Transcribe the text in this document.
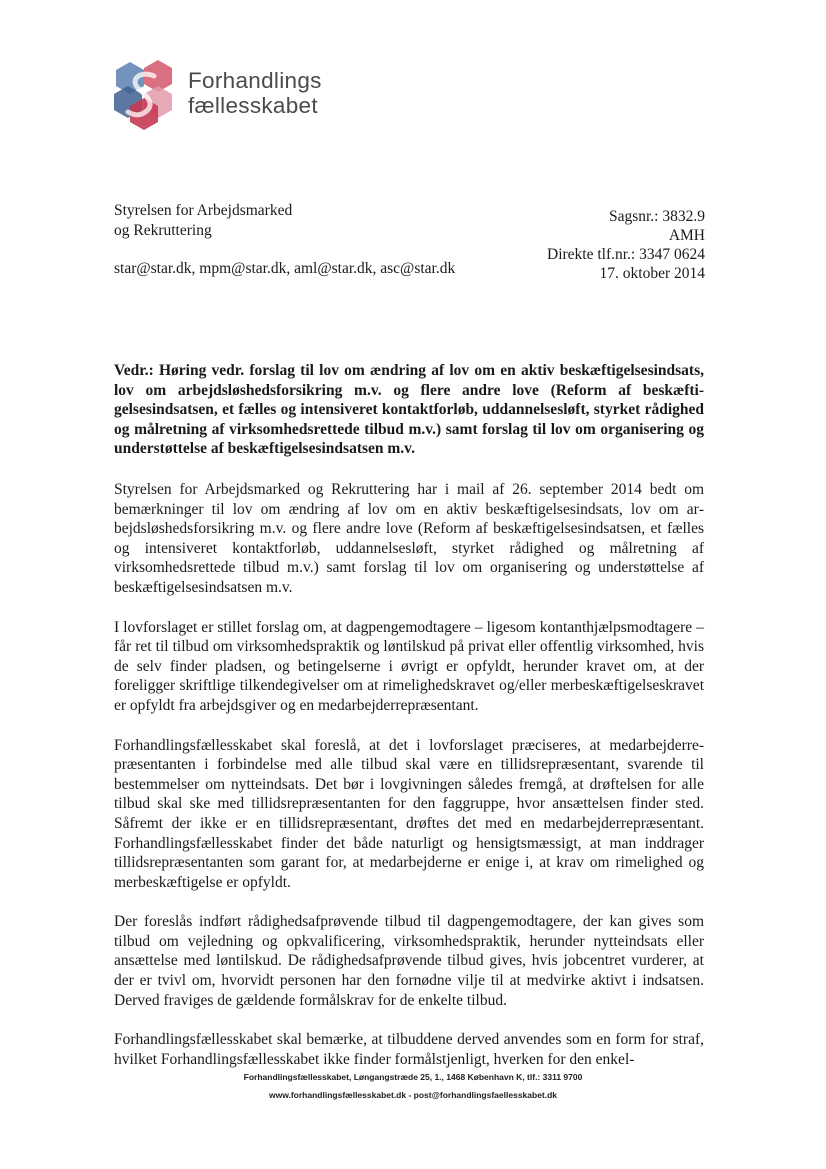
Forhandlings
fællesskabet
Styrelsen for Arbejdsmarked
og Rekruttering
star@star.dk, mpm@star.dk, aml@star.dk, asc@star.dk
Sagsnr.: 3832.9
AMH
Direkte tlf.nr.: 3347 0624
17. oktober 2014
Vedr.: Høring vedr. forslag til lov om ændring af lov om en aktiv beskæftigelsesindsats, lov om arbejdsløshedsforsikring m.v. og flere andre love (Reform af beskæftigelsesindsatsen, et fælles og intensiveret kontaktforløb, uddannelsesløft, styrket rådighed og målretning af virksomhedsrettede tilbud m.v.) samt forslag til lov om organisering og understøttelse af beskæftigelsesindsatsen m.v.

Styrelsen for Arbejdsmarked og Rekruttering har i mail af 26. september 2014 bedt om bemærkninger til lov om ændring af lov om en aktiv beskæftigelsesindsats, lov om arbejdsløshedsforsikring m.v. og flere andre love (Reform af beskæftigelsesindsatsen, et fælles og intensiveret kontaktforløb, uddannelsesløft, styrket rådighed og målretning af virksomhedsrettede tilbud m.v.) samt forslag til lov om organisering og understøttelse af beskæftigelsesindsatsen m.v.

I lovforslaget er stillet forslag om, at dagpengemodtagere – ligesom kontanthjælpsmodtagere – får ret til tilbud om virksomhedspraktik og løntilskud på privat eller offentlig virksomhed, hvis de selv finder pladsen, og betingelserne i øvrigt er opfyldt, herunder kravet om, at der foreligger skriftlige tilkendegivelser om at rimelighedskravet og/eller merbeskæftigelseskravet er opfyldt fra arbejdsgiver og en medarbejderrepræsentant.

Forhandlingsfællesskabet skal foreslå, at det i lovforslaget præciseres, at medarbejderrepræsentanten i forbindelse med alle tilbud skal være en tillidsrepræsentant, svarende til bestemmelser om nytteindsats. Det bør i lovgivningen således fremgå, at drøftelsen for alle tilbud skal ske med tillidsrepræsentanten for den faggruppe, hvor ansættelsen finder sted. Såfremt der ikke er en tillidsrepræsentant, drøftes det med en medarbejderrepræsentant. Forhandlingsfællesskabet finder det både naturligt og hensigtsmæssigt, at man inddrager tillidsrepræsentanten som garant for, at medarbejderne er enige i, at krav om rimelighed og merbeskæftigelse er opfyldt.

Der foreslås indført rådighedsafprøvende tilbud til dagpengemodtagere, der kan gives som tilbud om vejledning og opkvalificering, virksomhedspraktik, herunder nytteindsats eller ansættelse med løntilskud. De rådighedsafprøvende tilbud gives, hvis jobcentret vurderer, at der er tvivl om, hvorvidt personen har den fornødne vilje til at medvirke aktivt i indsatsen. Derved fraviges de gældende formålskrav for de enkelte tilbud.

Forhandlingsfællesskabet skal bemærke, at tilbuddene derved anvendes som en form for straf, hvilket Forhandlingsfællesskabet ikke finder formålstjenligt, hverken for den enkel-

Forhandlingsfællesskabet, Løngangstræde 25, 1., 1468 København K, tlf.: 3311 9700
www.forhandlingsfællesskabet.dk - post@forhandlingsfaellesskabet.dk
